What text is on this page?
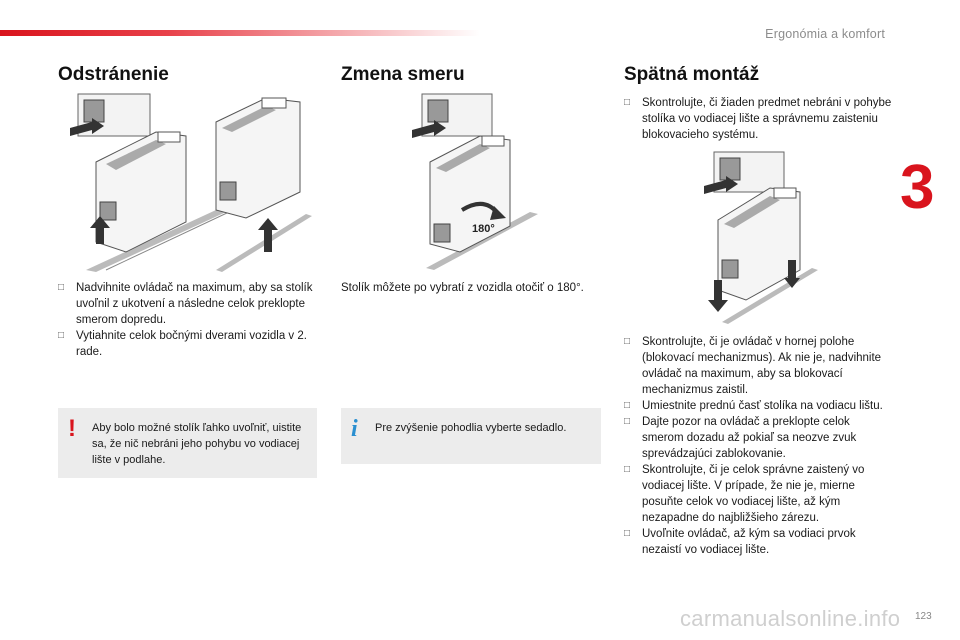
Ergonómia a komfort
3
Odstránenie
□	Nadvihnite ovládač na maximum, aby sa stolík uvoľnil z ukotvení a následne celok preklopte smerom dopredu.
□	Vytiahnite celok bočnými dverami vozidla v 2. rade.
! Aby bolo možné stolík ľahko uvoľniť, uistite sa, že nič nebráni jeho pohybu vo vodiacej lište v podlahe.
Zmena smeru
180°
Stolík môžete po vybratí z vozidla otočiť o 180°.
i Pre zvýšenie pohodlia vyberte sedadlo.
Spätná montáž
□	Skontrolujte, či žiaden predmet nebráni v pohybe stolíka vo vodiacej lište a správnemu zaisteniu blokovacieho systému.
□	Skontrolujte, či je ovládač v hornej polohe (blokovací mechanizmus). Ak nie je, nadvihnite ovládač na maximum, aby sa blokovací mechanizmus zaistil.
□	Umiestnite prednú časť stolíka na vodiacu lištu.
□	Dajte pozor na ovládač a preklopte celok smerom dozadu až pokiaľ sa neozve zvuk sprevádzajúci zablokovanie.
□	Skontrolujte, či je celok správne zaistený vo vodiacej lište. V prípade, že nie je, mierne posuňte celok vo vodiacej lište, až kým nezapadne do najbližšieho zárezu.
□	Uvoľnite ovládač, až kým sa vodiaci prvok nezaistí vo vodiacej lište.
carmanualsonline.info 123
